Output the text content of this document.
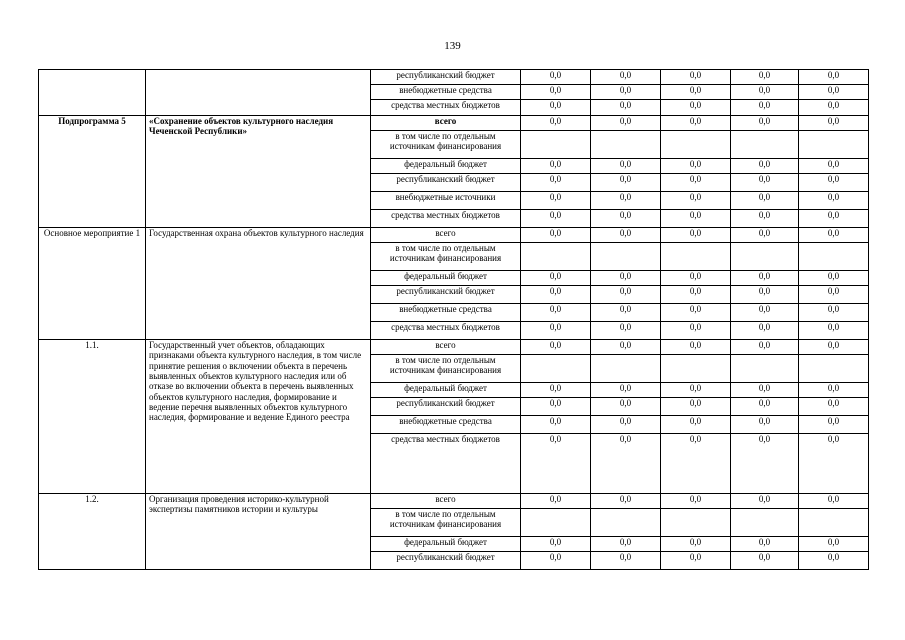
139
		республиканский бюджет	0,0	0,0	0,0	0,0	0,0
		внебюджетные средства	0,0	0,0	0,0	0,0	0,0
		средства местных бюджетов	0,0	0,0	0,0	0,0	0,0
Подпрограмма 5	«Сохранение объектов культурного наследия Чеченской Республики»	всего	0,0	0,0	0,0	0,0	0,0
		в том числе по отдельным источникам финансирования					
		федеральный бюджет	0,0	0,0	0,0	0,0	0,0
		республиканский бюджет	0,0	0,0	0,0	0,0	0,0
		внебюджетные источники	0,0	0,0	0,0	0,0	0,0
		средства местных бюджетов	0,0	0,0	0,0	0,0	0,0
Основное мероприятие 1	Государственная охрана объектов культурного наследия	всего	0,0	0,0	0,0	0,0	0,0
		в том числе по отдельным источникам финансирования					
		федеральный бюджет	0,0	0,0	0,0	0,0	0,0
		республиканский бюджет	0,0	0,0	0,0	0,0	0,0
		внебюджетные средства	0,0	0,0	0,0	0,0	0,0
		средства местных бюджетов	0,0	0,0	0,0	0,0	0,0
1.1.	Государственный учет объектов, обладающих признаками объекта культурного наследия, в том числе принятие решения о включении объекта в перечень выявленных объектов культурного наследия или об отказе во включении объекта в перечень выявленных объектов культурного наследия, формирование и ведение перечня выявленных объектов культурного наследия, формирование и ведение Единого реестра	всего	0,0	0,0	0,0	0,0	0,0
		в том числе по отдельным источникам финансирования					
		федеральный бюджет	0,0	0,0	0,0	0,0	0,0
		республиканский бюджет	0,0	0,0	0,0	0,0	0,0
		внебюджетные средства	0,0	0,0	0,0	0,0	0,0
		средства местных бюджетов	0,0	0,0	0,0	0,0	0,0
1.2.	Организация проведения историко-культурной экспертизы памятников истории и культуры	всего	0,0	0,0	0,0	0,0	0,0
		в том числе по отдельным источникам финансирования					
		федеральный бюджет	0,0	0,0	0,0	0,0	0,0
		республиканский бюджет	0,0	0,0	0,0	0,0	0,0
